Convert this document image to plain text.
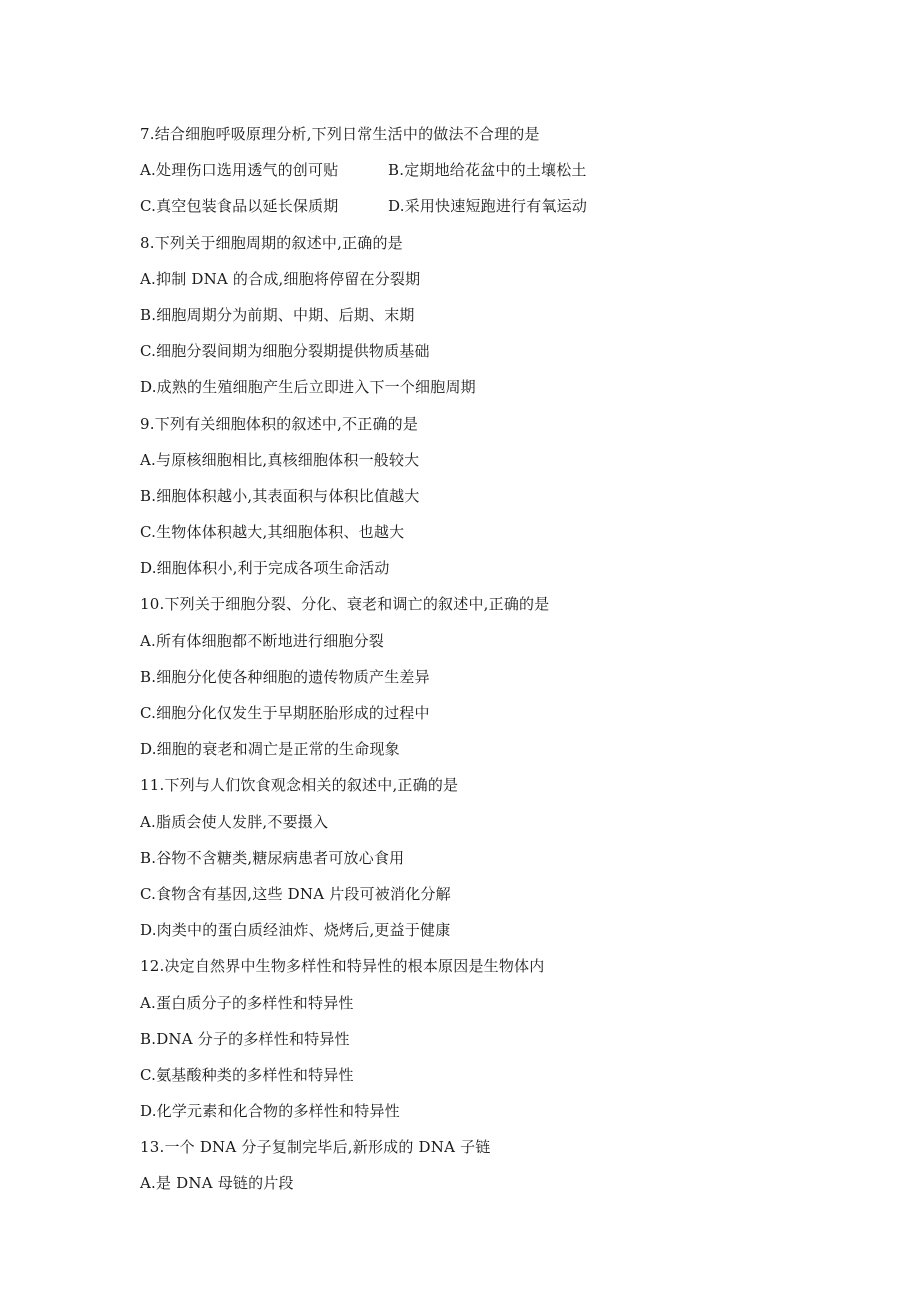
7.结合细胞呼吸原理分析,下列日常生活中的做法不合理的是
A.处理伤口选用透气的创可贴	B.定期地给花盆中的土壤松土
C.真空包装食品以延长保质期	D.采用快速短跑进行有氧运动
8.下列关于细胞周期的叙述中,正确的是
A.抑制 DNA 的合成,细胞将停留在分裂期
B.细胞周期分为前期、中期、后期、末期
C.细胞分裂间期为细胞分裂期提供物质基础
D.成熟的生殖细胞产生后立即进入下一个细胞周期
9.下列有关细胞体积的叙述中,不正确的是
A.与原核细胞相比,真核细胞体积一般较大
B.细胞体积越小,其表面积与体积比值越大
C.生物体体积越大,其细胞体积、也越大
D.细胞体积小,利于完成各项生命活动
10.下列关于细胞分裂、分化、衰老和调亡的叙述中,正确的是
A.所有体细胞都不断地进行细胞分裂
B.细胞分化使各种细胞的遗传物质产生差异
C.细胞分化仅发生于早期胚胎形成的过程中
D.细胞的衰老和凋亡是正常的生命现象
11.下列与人们饮食观念相关的叙述中,正确的是
A.脂质会使人发胖,不要摄入
B.谷物不含糖类,糖尿病患者可放心食用
C.食物含有基因,这些 DNA 片段可被消化分解
D.肉类中的蛋白质经油炸、烧烤后,更益于健康
12.决定自然界中生物多样性和特异性的根本原因是生物体内
A.蛋白质分子的多样性和特异性
B.DNA 分子的多样性和特异性
C.氨基酸种类的多样性和特异性
D.化学元素和化合物的多样性和特异性
13.一个 DNA 分子复制完毕后,新形成的 DNA 子链
A.是 DNA 母链的片段
